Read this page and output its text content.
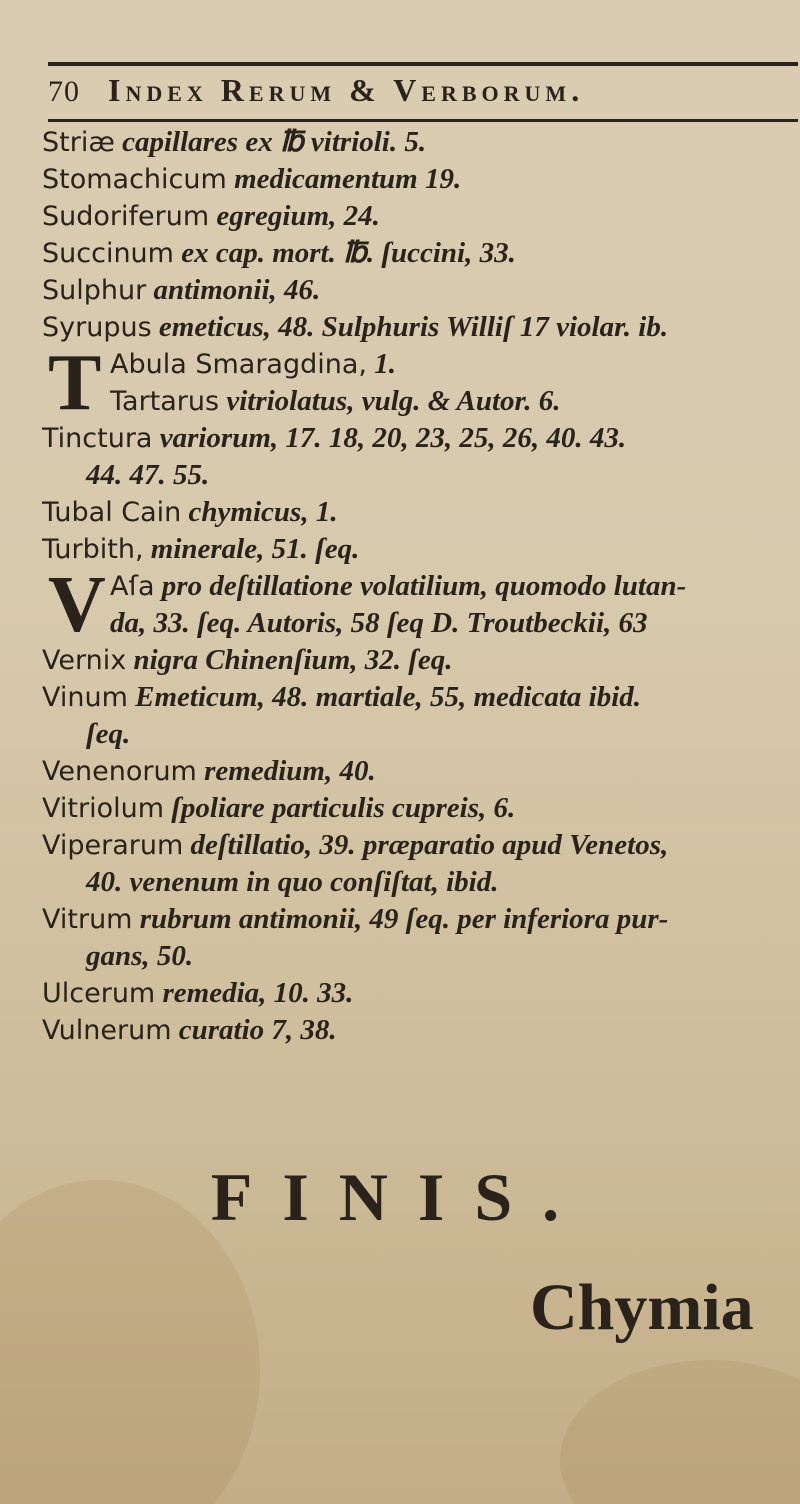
70 Index Rerum & Verborum.
Striæ capillares ex ℔ vitrioli. 5.
Stomachicum medicamentum 19.
Sudoriferum egregium, 24.
Succinum ex cap. mort. ℔. ſuccini, 33.
Sulphur antimonii, 46.
Syrupus emeticus, 48. Sulphuris Williſ 17 violar. ib.
T Abula Smaragdina, 1.
Tartarus vitriolatus, vulg. & Autor. 6.
Tinctura variorum, 17. 18, 20, 23, 25, 26, 40. 43.
44. 47. 55.
Tubal Cain chymicus, 1.
Turbith, minerale, 51. ſeq.
V Aſa pro deſtillatione volatilium, quomodo lutan-
da, 33. ſeq. Autoris, 58 ſeq D. Troutbeckii, 63
Vernix nigra Chinenſium, 32. ſeq.
Vinum Emeticum, 48. martiale, 55, medicata ibid.
ſeq.
Venenorum remedium, 40.
Vitriolum ſpoliare particulis cupreis, 6.
Viperarum deſtillatio, 39. præparatio apud Venetos,
40. venenum in quo conſiſtat, ibid.
Vitrum rubrum antimonii, 49 ſeq. per inferiora pur-
gans, 50.
Ulcerum remedia, 10. 33.
Vulnerum curatio 7, 38.
FINIS.
Chymia
